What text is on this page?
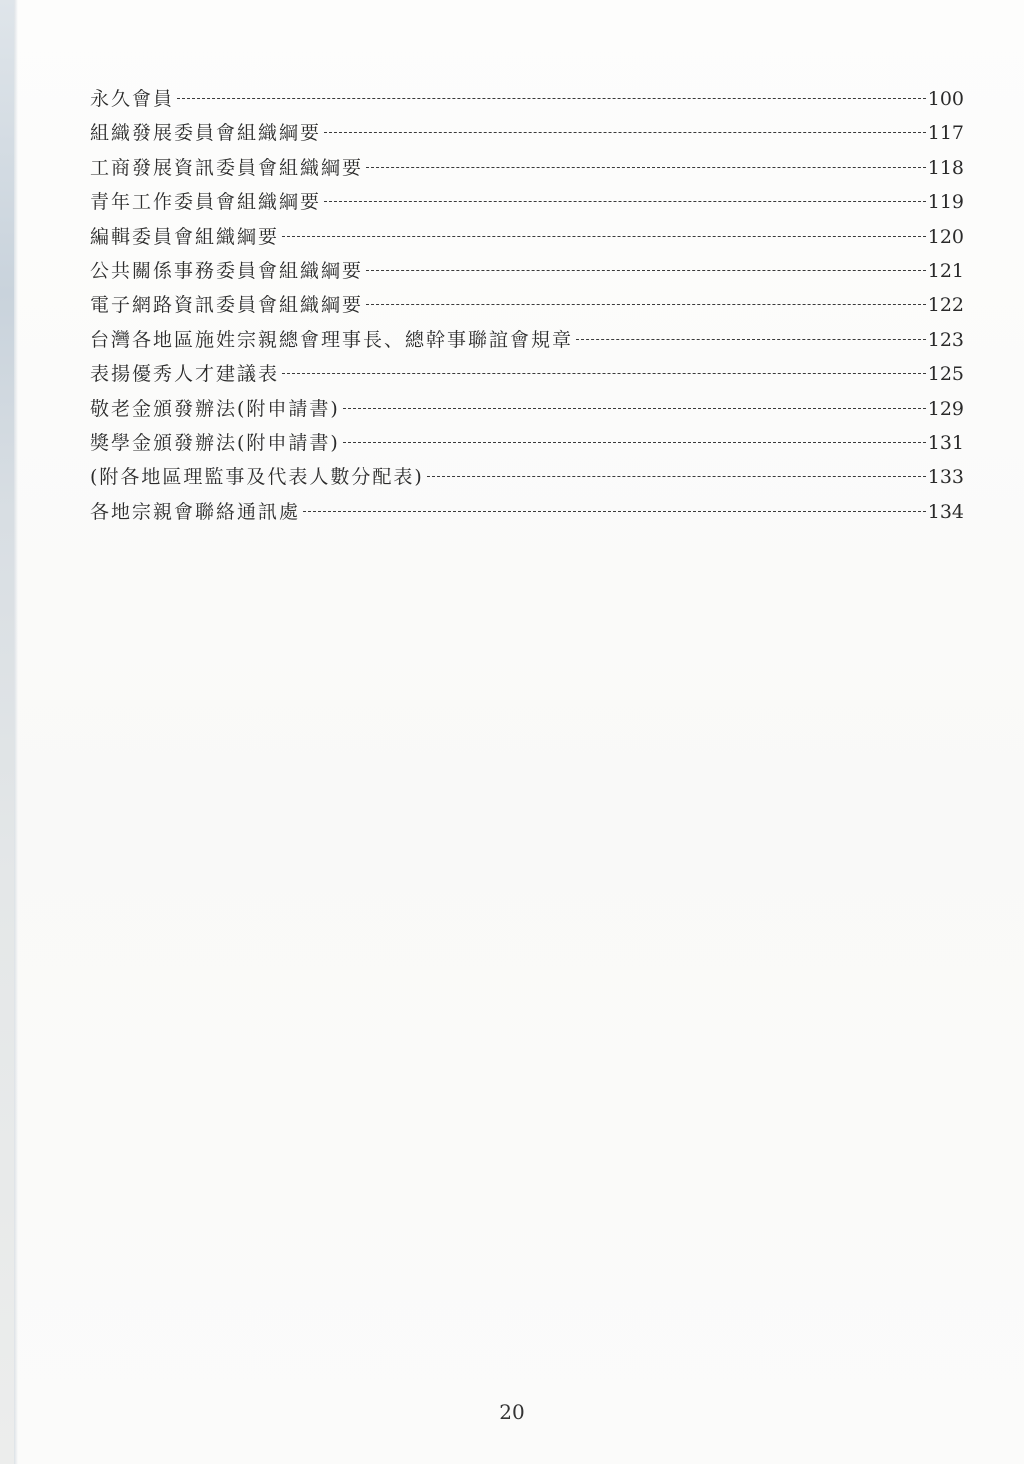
永久會員	100
組織發展委員會組織綱要	117
工商發展資訊委員會組織綱要	118
青年工作委員會組織綱要	119
編輯委員會組織綱要	120
公共關係事務委員會組織綱要	121
電子網路資訊委員會組織綱要	122
台灣各地區施姓宗親總會理事長、總幹事聯誼會規章	123
表揚優秀人才建議表	125
敬老金頒發辦法(附申請書)	129
獎學金頒發辦法(附申請書)	131
(附各地區理監事及代表人數分配表)	133
各地宗親會聯絡通訊處	134
20
